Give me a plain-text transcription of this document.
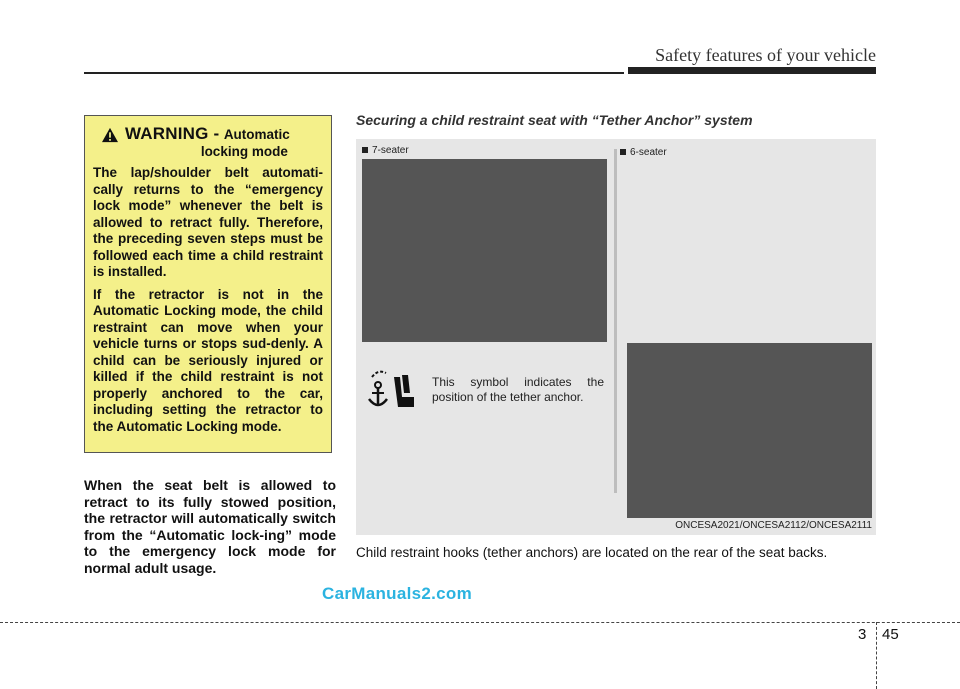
Safety features of your vehicle
WARNING - Automatic
locking mode

The lap/shoulder belt automati-cally returns to the “emergency lock mode” whenever the belt is allowed to retract fully. Therefore, the preceding seven steps must be followed each time a child restraint is installed.

If the retractor is not in the Automatic Locking mode, the child restraint can move when your vehicle turns or stops sud-denly. A child can be seriously injured or killed if the child restraint is not properly anchored to the car, including setting the retractor to the Automatic Locking mode.

When the seat belt is allowed to retract to its fully stowed position, the retractor will automatically switch from the “Automatic lock-ing” mode to the emergency lock mode for normal adult usage.

Securing a child restraint seat with “Tether Anchor” system
7-seater

This symbol indicates the position of the tether anchor.

6-seater
ONCESA2021/ONCESA2112/ONCESA2111
Child restraint hooks (tether anchors) are located on the rear of the seat backs.
CarManuals2.com
3 45
